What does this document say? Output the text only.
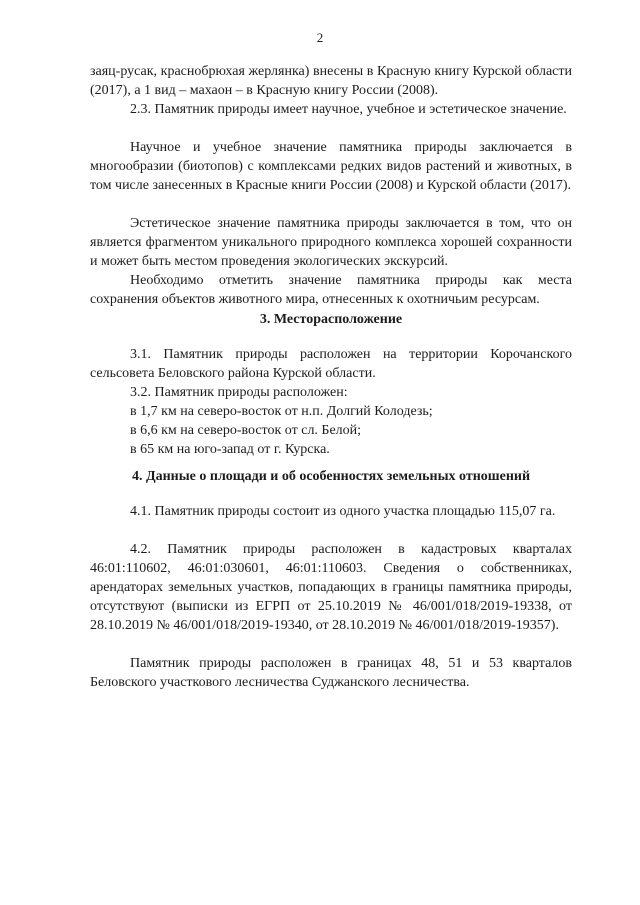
2

заяц-русак, краснобрюхая жерлянка) внесены в Красную книгу Курской области (2017), а 1 вид – махаон – в Красную книгу России (2008).

2.3. Памятник природы имеет научное, учебное и эстетическое значение.

Научное и учебное значение памятника природы заключается в многообразии (биотопов) с комплексами редких видов растений и животных, в том числе занесенных в Красные книги России (2008) и Курской области (2017).

Эстетическое значение памятника природы заключается в том, что он является фрагментом уникального природного комплекса хорошей сохранности и может быть местом проведения экологических экскурсий.

Необходимо отметить значение памятника природы как места сохранения объектов животного мира, отнесенных к охотничьим ресурсам.

3. Месторасположение

3.1. Памятник природы расположен на территории Корочанского сельсовета Беловского района Курской области.

3.2. Памятник природы расположен:

в 1,7 км на северо-восток от н.п. Долгий Колодезь;

в 6,6 км на северо-восток от сл. Белой;

в 65 км на юго-запад от г. Курска.

4. Данные о площади и об особенностях земельных отношений

4.1. Памятник природы состоит из одного участка площадью 115,07 га.

4.2. Памятник природы расположен в кадастровых кварталах 46:01:110602, 46:01:030601, 46:01:110603. Сведения о собственниках, арендаторах земельных участков, попадающих в границы памятника природы, отсутствуют (выписки из ЕГРП от 25.10.2019 № 46/001/018/2019-19338, от 28.10.2019 № 46/001/018/2019-19340, от 28.10.2019 № 46/001/018/2019-19357).

Памятник природы расположен в границах 48, 51 и 53 кварталов Беловского участкового лесничества Суджанского лесничества.
